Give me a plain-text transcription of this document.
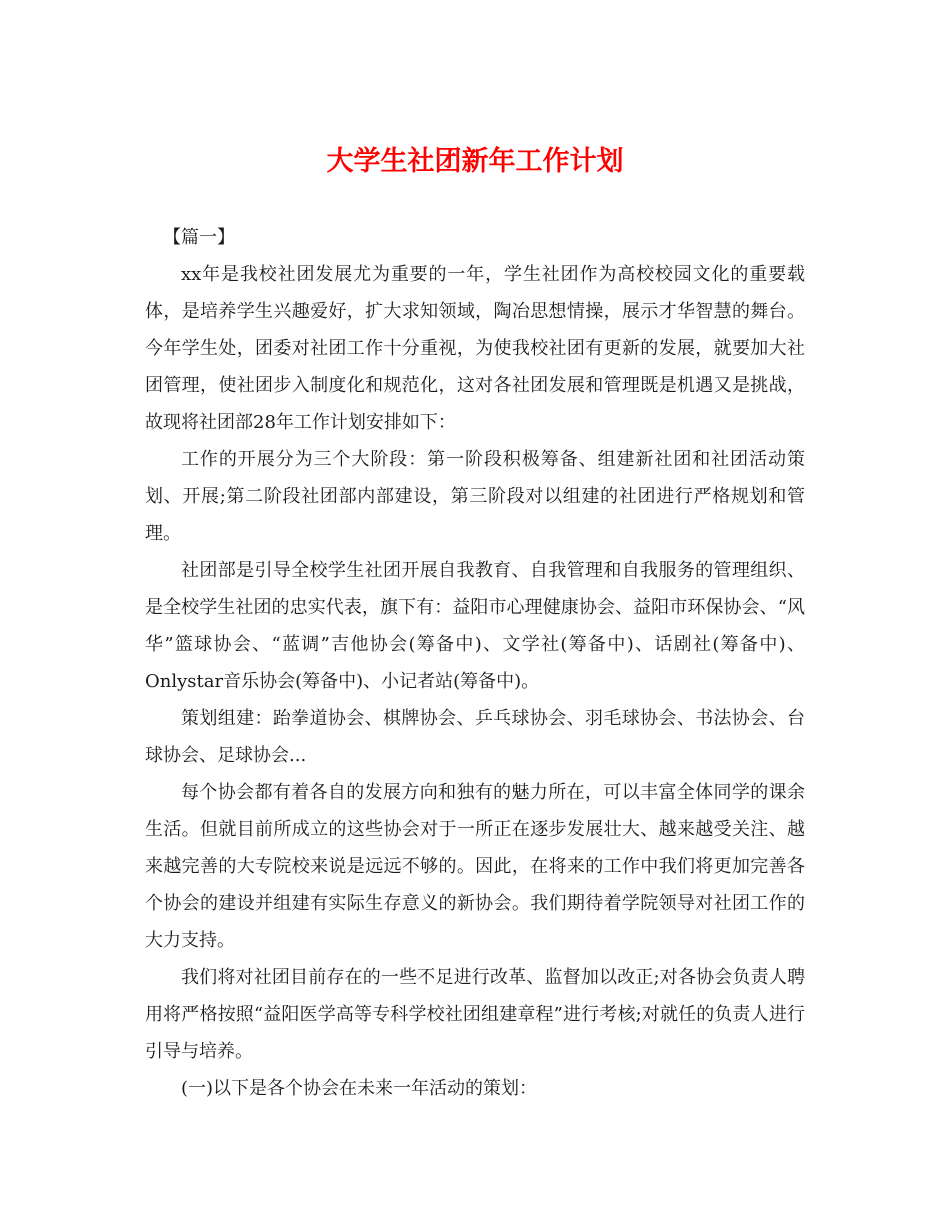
大学生社团新年工作计划

【篇一】

xx年是我校社团发展尤为重要的一年，学生社团作为高校校园文化的重要载体，是培养学生兴趣爱好，扩大求知领域，陶冶思想情操，展示才华智慧的舞台。今年学生处，团委对社团工作十分重视，为使我校社团有更新的发展，就要加大社团管理，使社团步入制度化和规范化，这对各社团发展和管理既是机遇又是挑战，故现将社团部28年工作计划安排如下：

工作的开展分为三个大阶段：第一阶段积极筹备、组建新社团和社团活动策划、开展;第二阶段社团部内部建设，第三阶段对以组建的社团进行严格规划和管理。

社团部是引导全校学生社团开展自我教育、自我管理和自我服务的管理组织、是全校学生社团的忠实代表，旗下有：益阳市心理健康协会、益阳市环保协会、“风华”篮球协会、“蓝调”吉他协会(筹备中)、文学社(筹备中)、话剧社(筹备中)、Onlystar音乐协会(筹备中)、小记者站(筹备中)。

策划组建：跆拳道协会、棋牌协会、乒乓球协会、羽毛球协会、书法协会、台球协会、足球协会...

每个协会都有着各自的发展方向和独有的魅力所在，可以丰富全体同学的课余生活。但就目前所成立的这些协会对于一所正在逐步发展壮大、越来越受关注、越来越完善的大专院校来说是远远不够的。因此，在将来的工作中我们将更加完善各个协会的建设并组建有实际生存意义的新协会。我们期待着学院领导对社团工作的大力支持。

我们将对社团目前存在的一些不足进行改革、监督加以改正;对各协会负责人聘用将严格按照“益阳医学高等专科学校社团组建章程”进行考核;对就任的负责人进行引导与培养。

(一)以下是各个协会在未来一年活动的策划：
